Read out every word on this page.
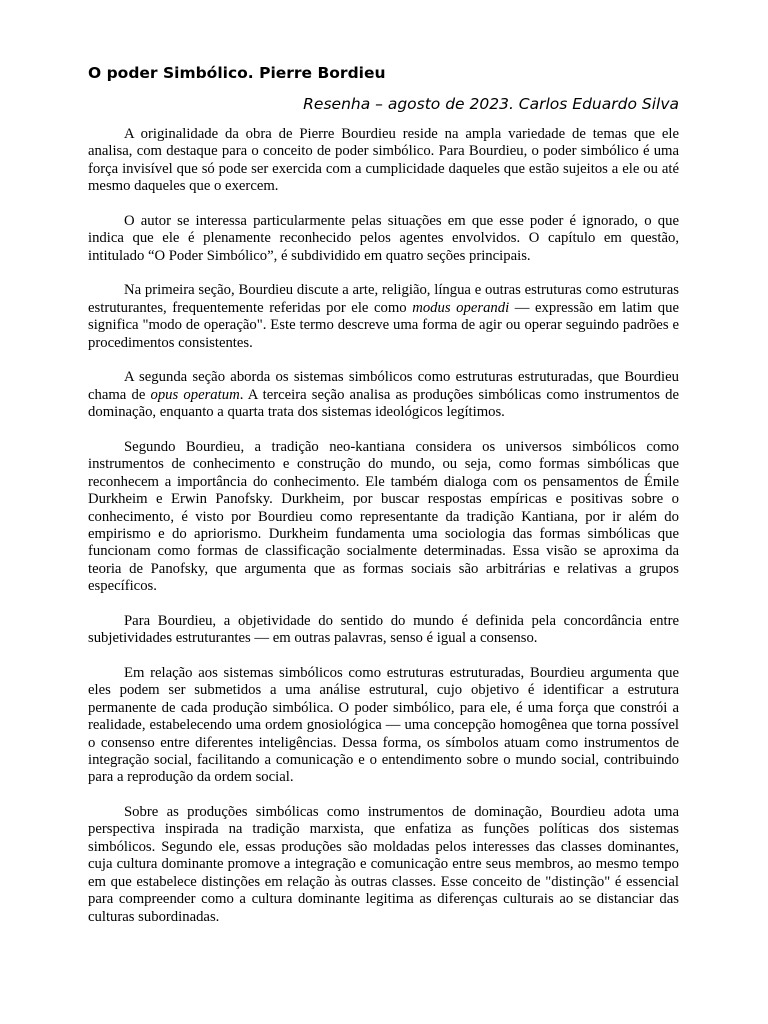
O poder Simbólico. Pierre Bordieu
Resenha – agosto de 2023. Carlos Eduardo Silva

A originalidade da obra de Pierre Bourdieu reside na ampla variedade de temas que ele analisa, com destaque para o conceito de poder simbólico. Para Bourdieu, o poder simbólico é uma força invisível que só pode ser exercida com a cumplicidade daqueles que estão sujeitos a ele ou até mesmo daqueles que o exercem.

O autor se interessa particularmente pelas situações em que esse poder é ignorado, o que indica que ele é plenamente reconhecido pelos agentes envolvidos. O capítulo em questão, intitulado “O Poder Simbólico”, é subdividido em quatro seções principais.

Na primeira seção, Bourdieu discute a arte, religião, língua e outras estruturas como estruturas estruturantes, frequentemente referidas por ele como modus operandi — expressão em latim que significa "modo de operação". Este termo descreve uma forma de agir ou operar seguindo padrões e procedimentos consistentes.

A segunda seção aborda os sistemas simbólicos como estruturas estruturadas, que Bourdieu chama de opus operatum. A terceira seção analisa as produções simbólicas como instrumentos de dominação, enquanto a quarta trata dos sistemas ideológicos legítimos.

Segundo Bourdieu, a tradição neo-kantiana considera os universos simbólicos como instrumentos de conhecimento e construção do mundo, ou seja, como formas simbólicas que reconhecem a importância do conhecimento. Ele também dialoga com os pensamentos de Émile Durkheim e Erwin Panofsky. Durkheim, por buscar respostas empíricas e positivas sobre o conhecimento, é visto por Bourdieu como representante da tradição Kantiana, por ir além do empirismo e do apriorismo. Durkheim fundamenta uma sociologia das formas simbólicas que funcionam como formas de classificação socialmente determinadas. Essa visão se aproxima da teoria de Panofsky, que argumenta que as formas sociais são arbitrárias e relativas a grupos específicos.

Para Bourdieu, a objetividade do sentido do mundo é definida pela concordância entre subjetividades estruturantes — em outras palavras, senso é igual a consenso.

Em relação aos sistemas simbólicos como estruturas estruturadas, Bourdieu argumenta que eles podem ser submetidos a uma análise estrutural, cujo objetivo é identificar a estrutura permanente de cada produção simbólica. O poder simbólico, para ele, é uma força que constrói a realidade, estabelecendo uma ordem gnosiológica — uma concepção homogênea que torna possível o consenso entre diferentes inteligências. Dessa forma, os símbolos atuam como instrumentos de integração social, facilitando a comunicação e o entendimento sobre o mundo social, contribuindo para a reprodução da ordem social.

Sobre as produções simbólicas como instrumentos de dominação, Bourdieu adota uma perspectiva inspirada na tradição marxista, que enfatiza as funções políticas dos sistemas simbólicos. Segundo ele, essas produções são moldadas pelos interesses das classes dominantes, cuja cultura dominante promove a integração e comunicação entre seus membros, ao mesmo tempo em que estabelece distinções em relação às outras classes. Esse conceito de "distinção" é essencial para compreender como a cultura dominante legitima as diferenças culturais ao se distanciar das culturas subordinadas.
